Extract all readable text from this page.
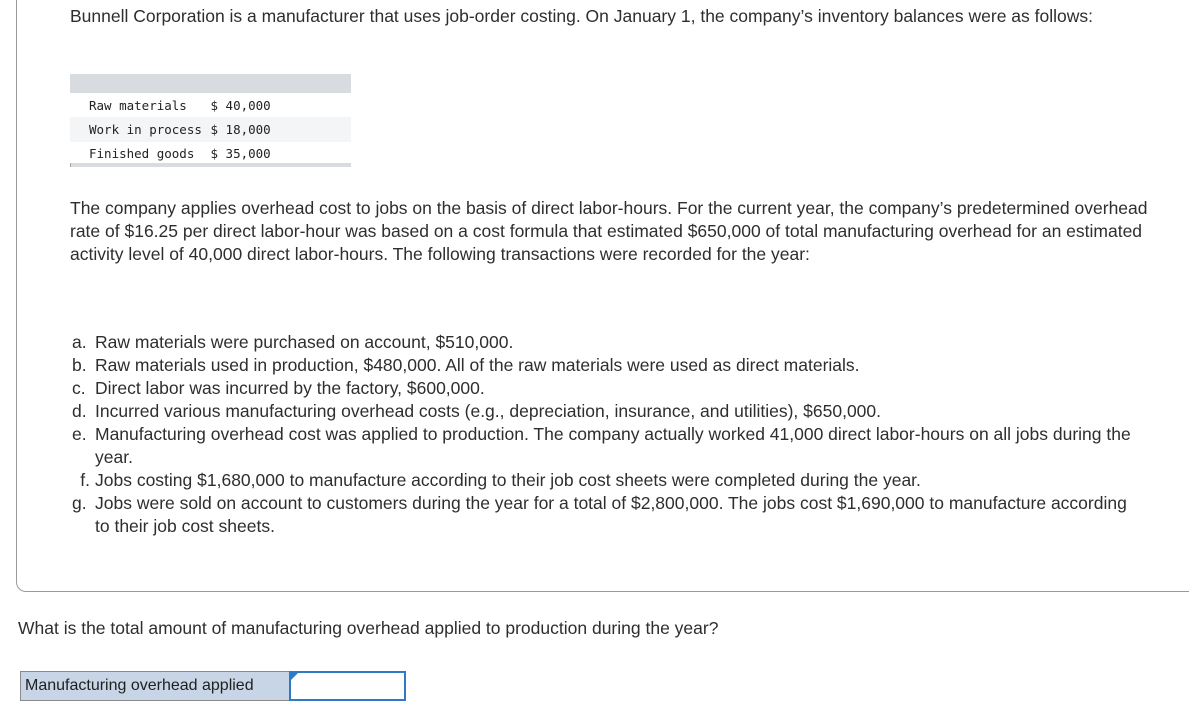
Bunnell Corporation is a manufacturer that uses job-order costing. On January 1, the company’s inventory balances were as follows:

Raw materials	$ 40,000
Work in process	$ 18,000
Finished goods	$ 35,000

The company applies overhead cost to jobs on the basis of direct labor-hours. For the current year, the company’s predetermined overhead rate of $16.25 per direct labor-hour was based on a cost formula that estimated $650,000 of total manufacturing overhead for an estimated activity level of 40,000 direct labor-hours. The following transactions were recorded for the year:

a. Raw materials were purchased on account, $510,000.
b. Raw materials used in production, $480,000. All of the raw materials were used as direct materials.
c. Direct labor was incurred by the factory, $600,000.
d. Incurred various manufacturing overhead costs (e.g., depreciation, insurance, and utilities), $650,000.
e. Manufacturing overhead cost was applied to production. The company actually worked 41,000 direct labor-hours on all jobs during the year.
f. Jobs costing $1,680,000 to manufacture according to their job cost sheets were completed during the year.
g. Jobs were sold on account to customers during the year for a total of $2,800,000. The jobs cost $1,690,000 to manufacture according to their job cost sheets.

What is the total amount of manufacturing overhead applied to production during the year?

Manufacturing overhead applied
